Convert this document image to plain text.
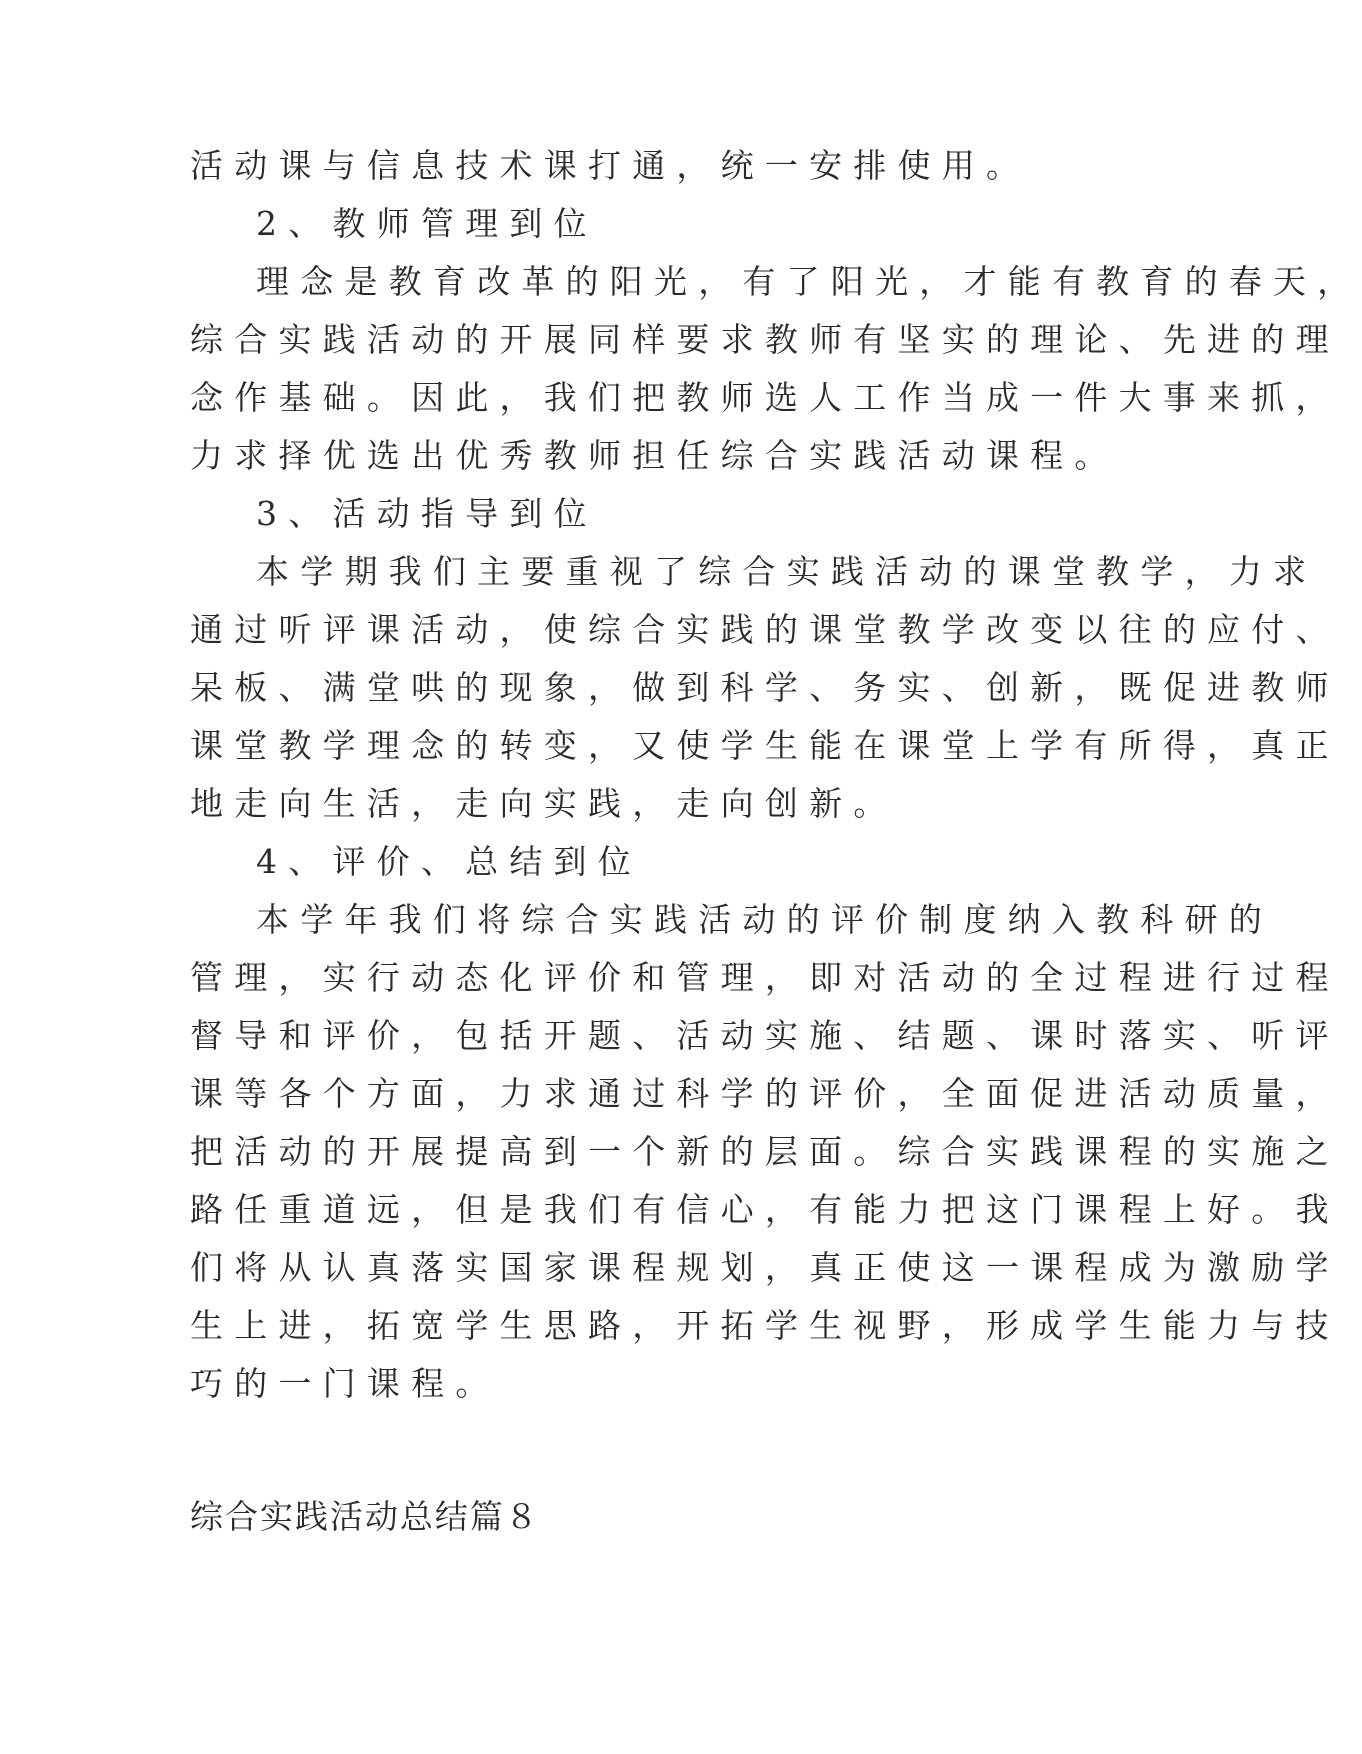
活动课与信息技术课打通，统一安排使用。
2、教师管理到位
理念是教育改革的阳光，有了阳光，才能有教育的春天，
综合实践活动的开展同样要求教师有坚实的理论、先进的理
念作基础。因此，我们把教师选人工作当成一件大事来抓，
力求择优选出优秀教师担任综合实践活动课程。
3、活动指导到位
本学期我们主要重视了综合实践活动的课堂教学，力求
通过听评课活动，使综合实践的课堂教学改变以往的应付、
呆板、满堂哄的现象，做到科学、务实、创新，既促进教师
课堂教学理念的转变，又使学生能在课堂上学有所得，真正
地走向生活，走向实践，走向创新。
4、评价、总结到位
本学年我们将综合实践活动的评价制度纳入教科研的
管理，实行动态化评价和管理，即对活动的全过程进行过程
督导和评价，包括开题、活动实施、结题、课时落实、听评
课等各个方面，力求通过科学的评价，全面促进活动质量，
把活动的开展提高到一个新的层面。综合实践课程的实施之
路任重道远，但是我们有信心，有能力把这门课程上好。我
们将从认真落实国家课程规划，真正使这一课程成为激励学
生上进，拓宽学生思路，开拓学生视野，形成学生能力与技
巧的一门课程。
综合实践活动总结篇８
